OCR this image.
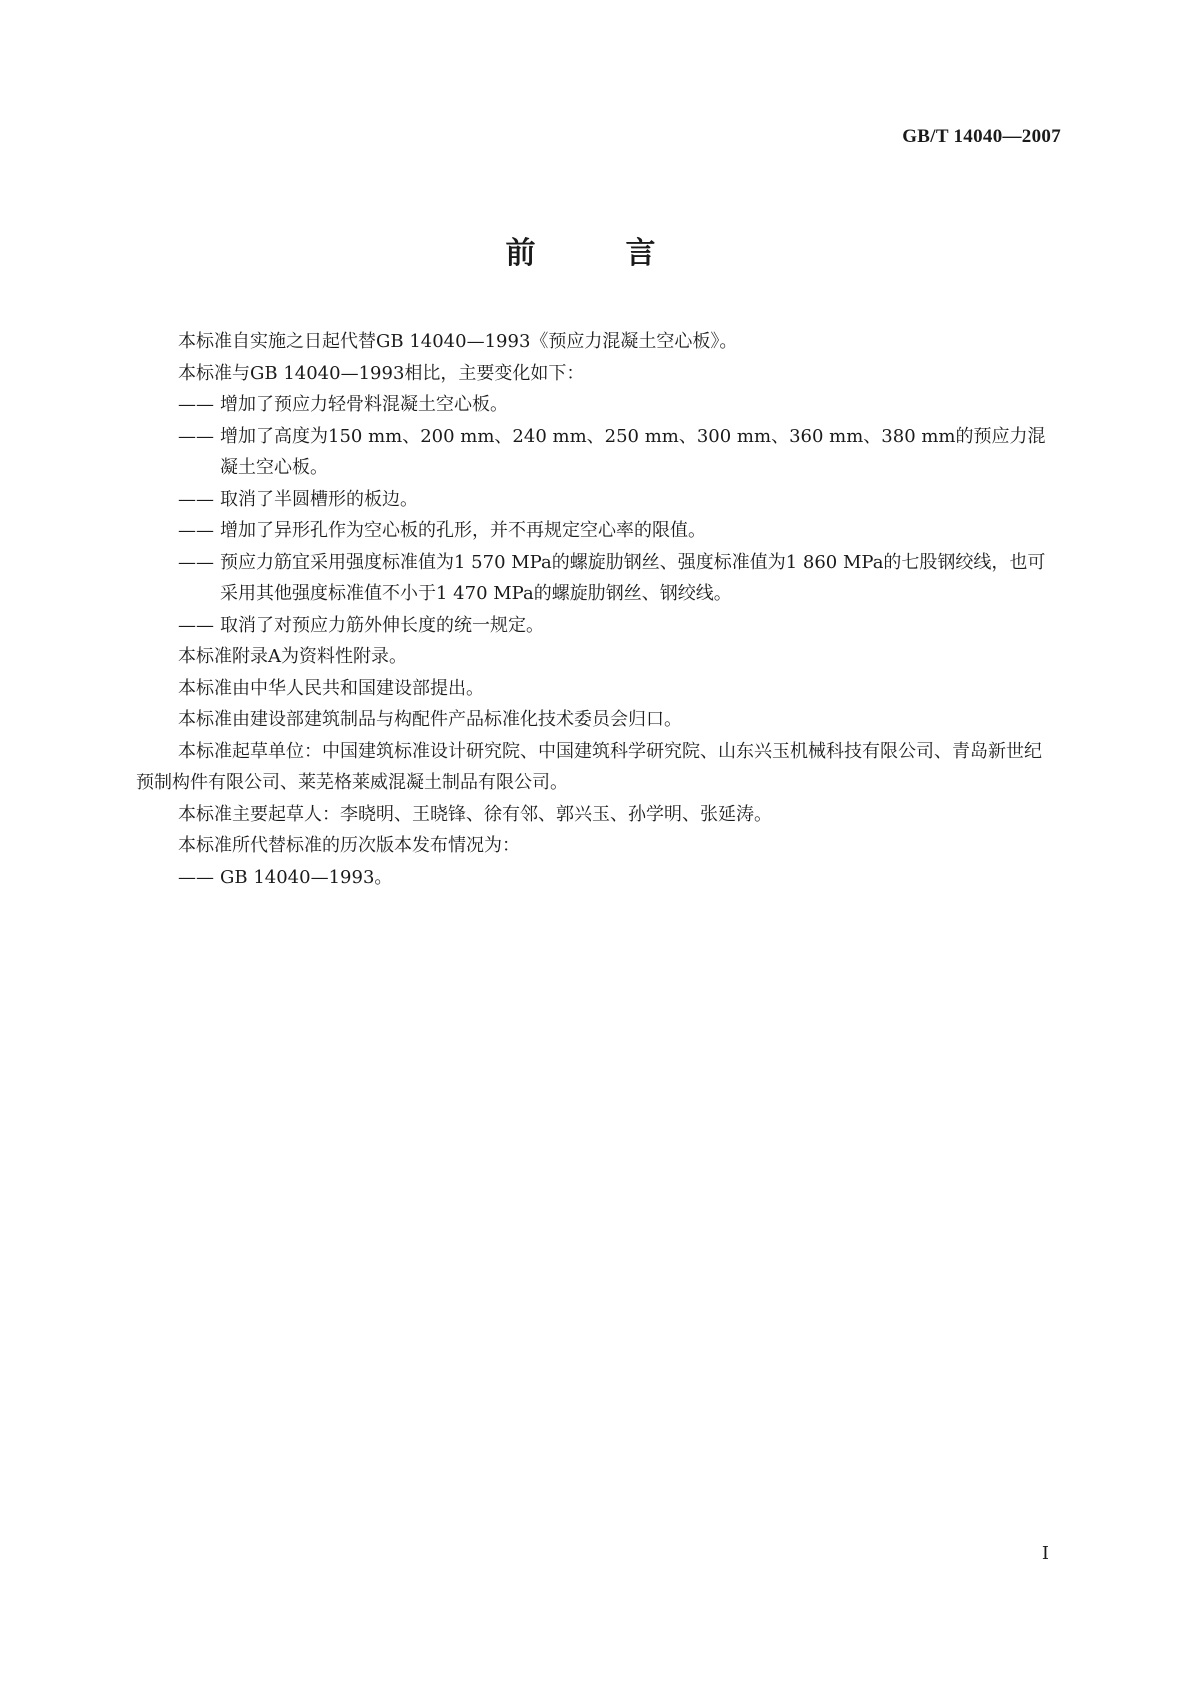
GB/T 14040—2007
前　言

本标准自实施之日起代替GB 14040—1993《预应力混凝土空心板》。

本标准与GB 14040—1993相比，主要变化如下：

—— 增加了预应力轻骨料混凝土空心板。

—— 增加了高度为150 mm、200 mm、240 mm、250 mm、300 mm、360 mm、380 mm的预应力混凝土空心板。

—— 取消了半圆槽形的板边。

—— 增加了异形孔作为空心板的孔形，并不再规定空心率的限值。

—— 预应力筋宜采用强度标准值为1 570 MPa的螺旋肋钢丝、强度标准值为1 860 MPa的七股钢绞线，也可采用其他强度标准值不小于1 470 MPa的螺旋肋钢丝、钢绞线。

—— 取消了对预应力筋外伸长度的统一规定。

本标准附录A为资料性附录。

本标准由中华人民共和国建设部提出。

本标准由建设部建筑制品与构配件产品标准化技术委员会归口。

本标准起草单位：中国建筑标准设计研究院、中国建筑科学研究院、山东兴玉机械科技有限公司、青岛新世纪预制构件有限公司、莱芜格莱威混凝土制品有限公司。

本标准主要起草人：李晓明、王晓锋、徐有邻、郭兴玉、孙学明、张延涛。

本标准所代替标准的历次版本发布情况为：

—— GB 14040—1993。

Ⅰ
